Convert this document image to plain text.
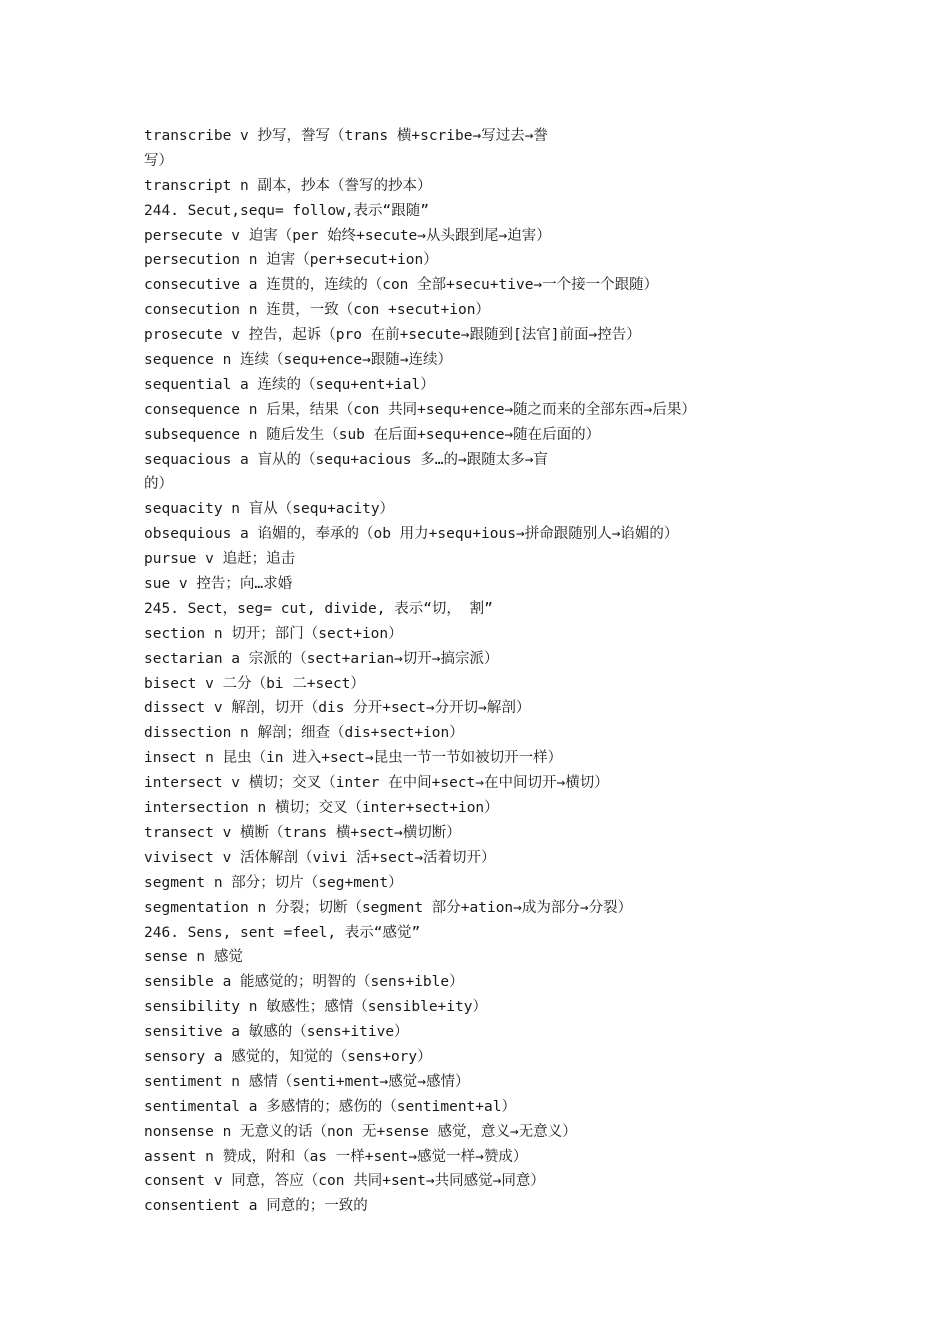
transcribe v 抄写，誊写（trans 横+scribe→写过去→誊
写）
transcript n 副本，抄本（誊写的抄本）
244. Secut,sequ= follow,表示“跟随”
persecute v 迫害（per 始终+secute→从头跟到尾→迫害）
persecution n 迫害（per+secut+ion）
consecutive a 连贯的，连续的（con 全部+secu+tive→一个接一个跟随）
consecution n 连贯，一致（con +secut+ion）
prosecute v 控告，起诉（pro 在前+secute→跟随到[法官]前面→控告）
sequence n 连续（sequ+ence→跟随→连续）
sequential a 连续的（sequ+ent+ial）
consequence n 后果，结果（con 共同+sequ+ence→随之而来的全部东西→后果）
subsequence n 随后发生（sub 在后面+sequ+ence→随在后面的）
sequacious a 盲从的（sequ+acious 多…的→跟随太多→盲
的）
sequacity n 盲从（sequ+acity）
obsequious a 谄媚的，奉承的（ob 用力+sequ+ious→拼命跟随别人→谄媚的）
pursue v 追赶；追击
sue v 控告；向…求婚
245. Sect，seg= cut, divide, 表示“切， 割”
section n 切开；部门（sect+ion）
sectarian a 宗派的（sect+arian→切开→搞宗派）
bisect v 二分（bi 二+sect）
dissect v 解剖，切开（dis 分开+sect→分开切→解剖）
dissection n 解剖；细查（dis+sect+ion）
insect n 昆虫（in 进入+sect→昆虫一节一节如被切开一样）
intersect v 横切；交叉（inter 在中间+sect→在中间切开→横切）
intersection n 横切；交叉（inter+sect+ion）
transect v 横断（trans 横+sect→横切断）
vivisect v 活体解剖（vivi 活+sect→活着切开）
segment n 部分；切片（seg+ment）
segmentation n 分裂；切断（segment 部分+ation→成为部分→分裂）
246. Sens, sent =feel, 表示“感觉”
sense n 感觉
sensible a 能感觉的；明智的（sens+ible）
sensibility n 敏感性；感情（sensible+ity）
sensitive a 敏感的（sens+itive）
sensory a 感觉的，知觉的（sens+ory）
sentiment n 感情（senti+ment→感觉→感情）
sentimental a 多感情的；感伤的（sentiment+al）
nonsense n 无意义的话（non 无+sense 感觉，意义→无意义）
assent n 赞成，附和（as 一样+sent→感觉一样→赞成）
consent v 同意，答应（con 共同+sent→共同感觉→同意）
consentient a 同意的；一致的
